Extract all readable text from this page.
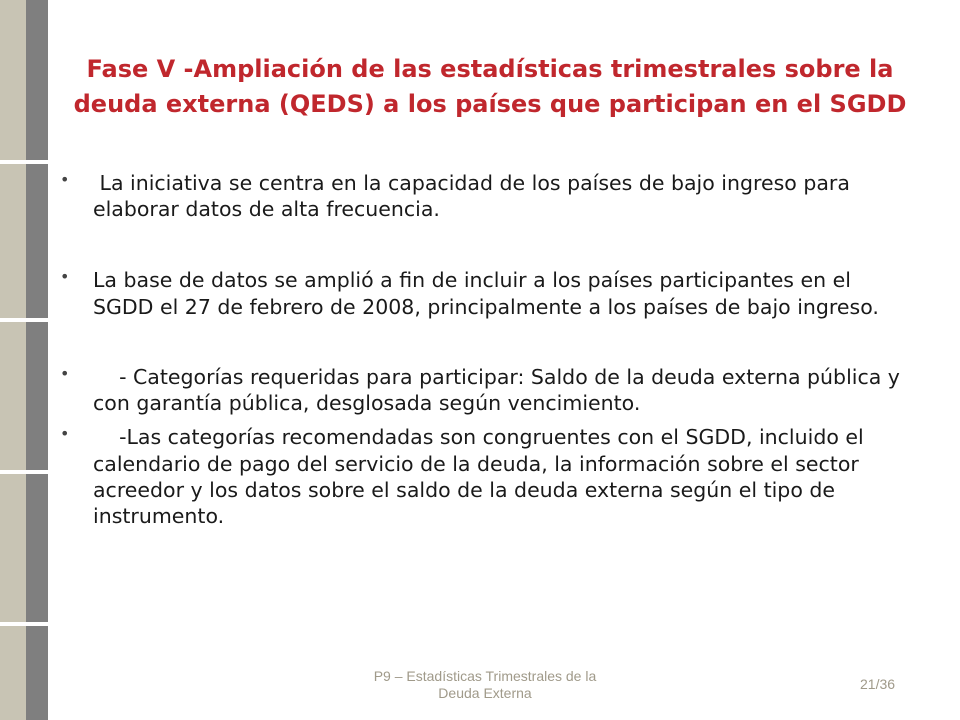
Fase V -Ampliación de las estadísticas trimestrales sobre la
deuda externa (QEDS) a los países que participan en el SGDD
• La iniciativa se centra en la capacidad de los países de bajo ingreso para elaborar datos de alta frecuencia.
• La base de datos se amplió a fin de incluir a los países participantes en el SGDD el 27 de febrero de 2008, principalmente a los países de bajo ingreso.
• - Categorías requeridas para participar: Saldo de la deuda externa pública y con garantía pública, desglosada según vencimiento.
• -Las categorías recomendadas son congruentes con el SGDD, incluido el calendario de pago del servicio de la deuda, la información sobre el sector acreedor y los datos sobre el saldo de la deuda externa según el tipo de instrumento.
P9 – Estadísticas Trimestrales de la
Deuda Externa
21/36
